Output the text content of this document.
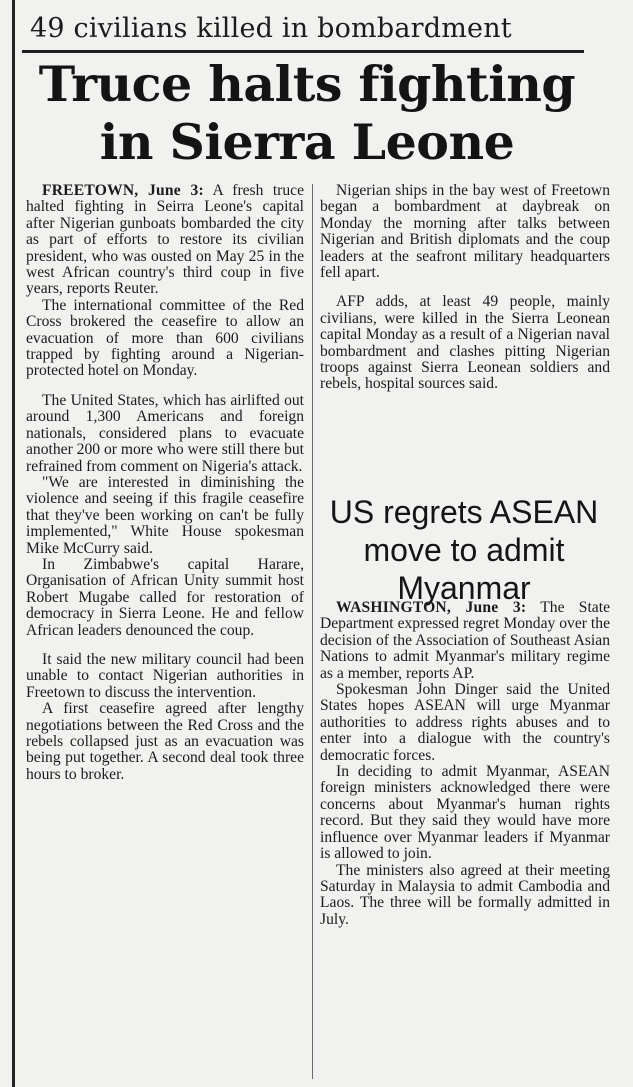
49 civilians killed in bombardment
Truce halts fighting in Sierra Leone

FREETOWN, June 3: A fresh truce halted fighting in Seirra Leone's capital after Nigerian gunboats bombarded the city as part of efforts to restore its civilian president, who was ousted on May 25 in the west African country's third coup in five years, reports Reuter.

The international committee of the Red Cross brokered the ceasefire to allow an evacuation of more than 600 civilians trapped by fighting around a Nigerian-protected hotel on Monday.

The United States, which has airlifted out around 1,300 Americans and foreign nationals, considered plans to evacuate another 200 or more who were still there but refrained from comment on Nigeria's attack.

"We are interested in diminishing the violence and seeing if this fragile ceasefire that they've been working on can't be fully implemented," White House spokesman Mike McCurry said.

In Zimbabwe's capital Harare, Organisation of African Unity summit host Robert Mugabe called for restoration of democracy in Sierra Leone. He and fellow African leaders denounced the coup.

It said the new military council had been unable to contact Nigerian authorities in Freetown to discuss the intervention.

A first ceasefire agreed after lengthy negotiations between the Red Cross and the rebels collapsed just as an evacuation was being put together. A second deal took three hours to broker.

Nigerian ships in the bay west of Freetown began a bombardment at daybreak on Monday the morning after talks between Nigerian and British diplomats and the coup leaders at the seafront military headquarters fell apart.

AFP adds, at least 49 people, mainly civilians, were killed in the Sierra Leonean capital Monday as a result of a Nigerian naval bombardment and clashes pitting Nigerian troops against Sierra Leonean soldiers and rebels, hospital sources said.

US regrets ASEAN move to admit Myanmar

WASHINGTON, June 3: The State Department expressed regret Monday over the decision of the Association of Southeast Asian Nations to admit Myanmar's military regime as a member, reports AP.

Spokesman John Dinger said the United States hopes ASEAN will urge Myanmar authorities to address rights abuses and to enter into a dialogue with the country's democratic forces.

In deciding to admit Myanmar, ASEAN foreign ministers acknowledged there were concerns about Myanmar's human rights record. But they said they would have more influence over Myanmar leaders if Myanmar is allowed to join.

The ministers also agreed at their meeting Saturday in Malaysia to admit Cambodia and Laos. The three will be formally admitted in July.
